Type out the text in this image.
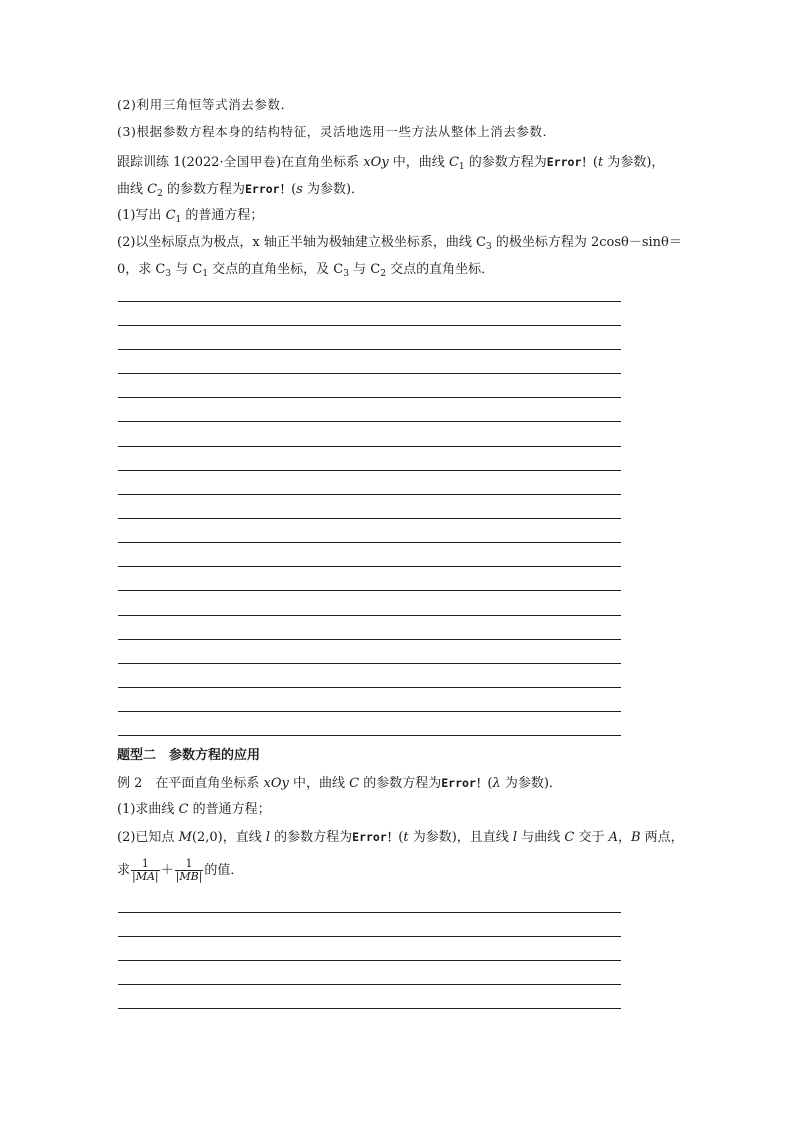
(2)利用三角恒等式消去参数．
(3)根据参数方程本身的结构特征，灵活地选用一些方法从整体上消去参数．
跟踪训练 1(2022·全国甲卷)在直角坐标系 xOy 中，曲线 $C_1$ 的参数方程为Error！(t 为参数)，
曲线 $C_2$ 的参数方程为Error！(s 为参数)．
(1)写出 $C_1$ 的普通方程；
(2)以坐标原点为极点，x 轴正半轴为极轴建立极坐标系，曲线 $C_3$ 的极坐标方程为 2cosθ－sinθ＝
0，求 $C_3$ 与 $C_1$ 交点的直角坐标，及 $C_3$ 与 $C_2$ 交点的直角坐标．
题型二　参数方程的应用
例 2　在平面直角坐标系 xOy 中，曲线 C 的参数方程为Error！(λ 为参数)．
(1)求曲线 C 的普通方程；
(2)已知点 M(2,0)，直线 l 的参数方程为Error！(t 为参数)，且直线 l 与曲线 C 交于 A，B 两点，
求 $\frac{1}{|MA|} + \frac{1}{|MB|}$ 的值．
